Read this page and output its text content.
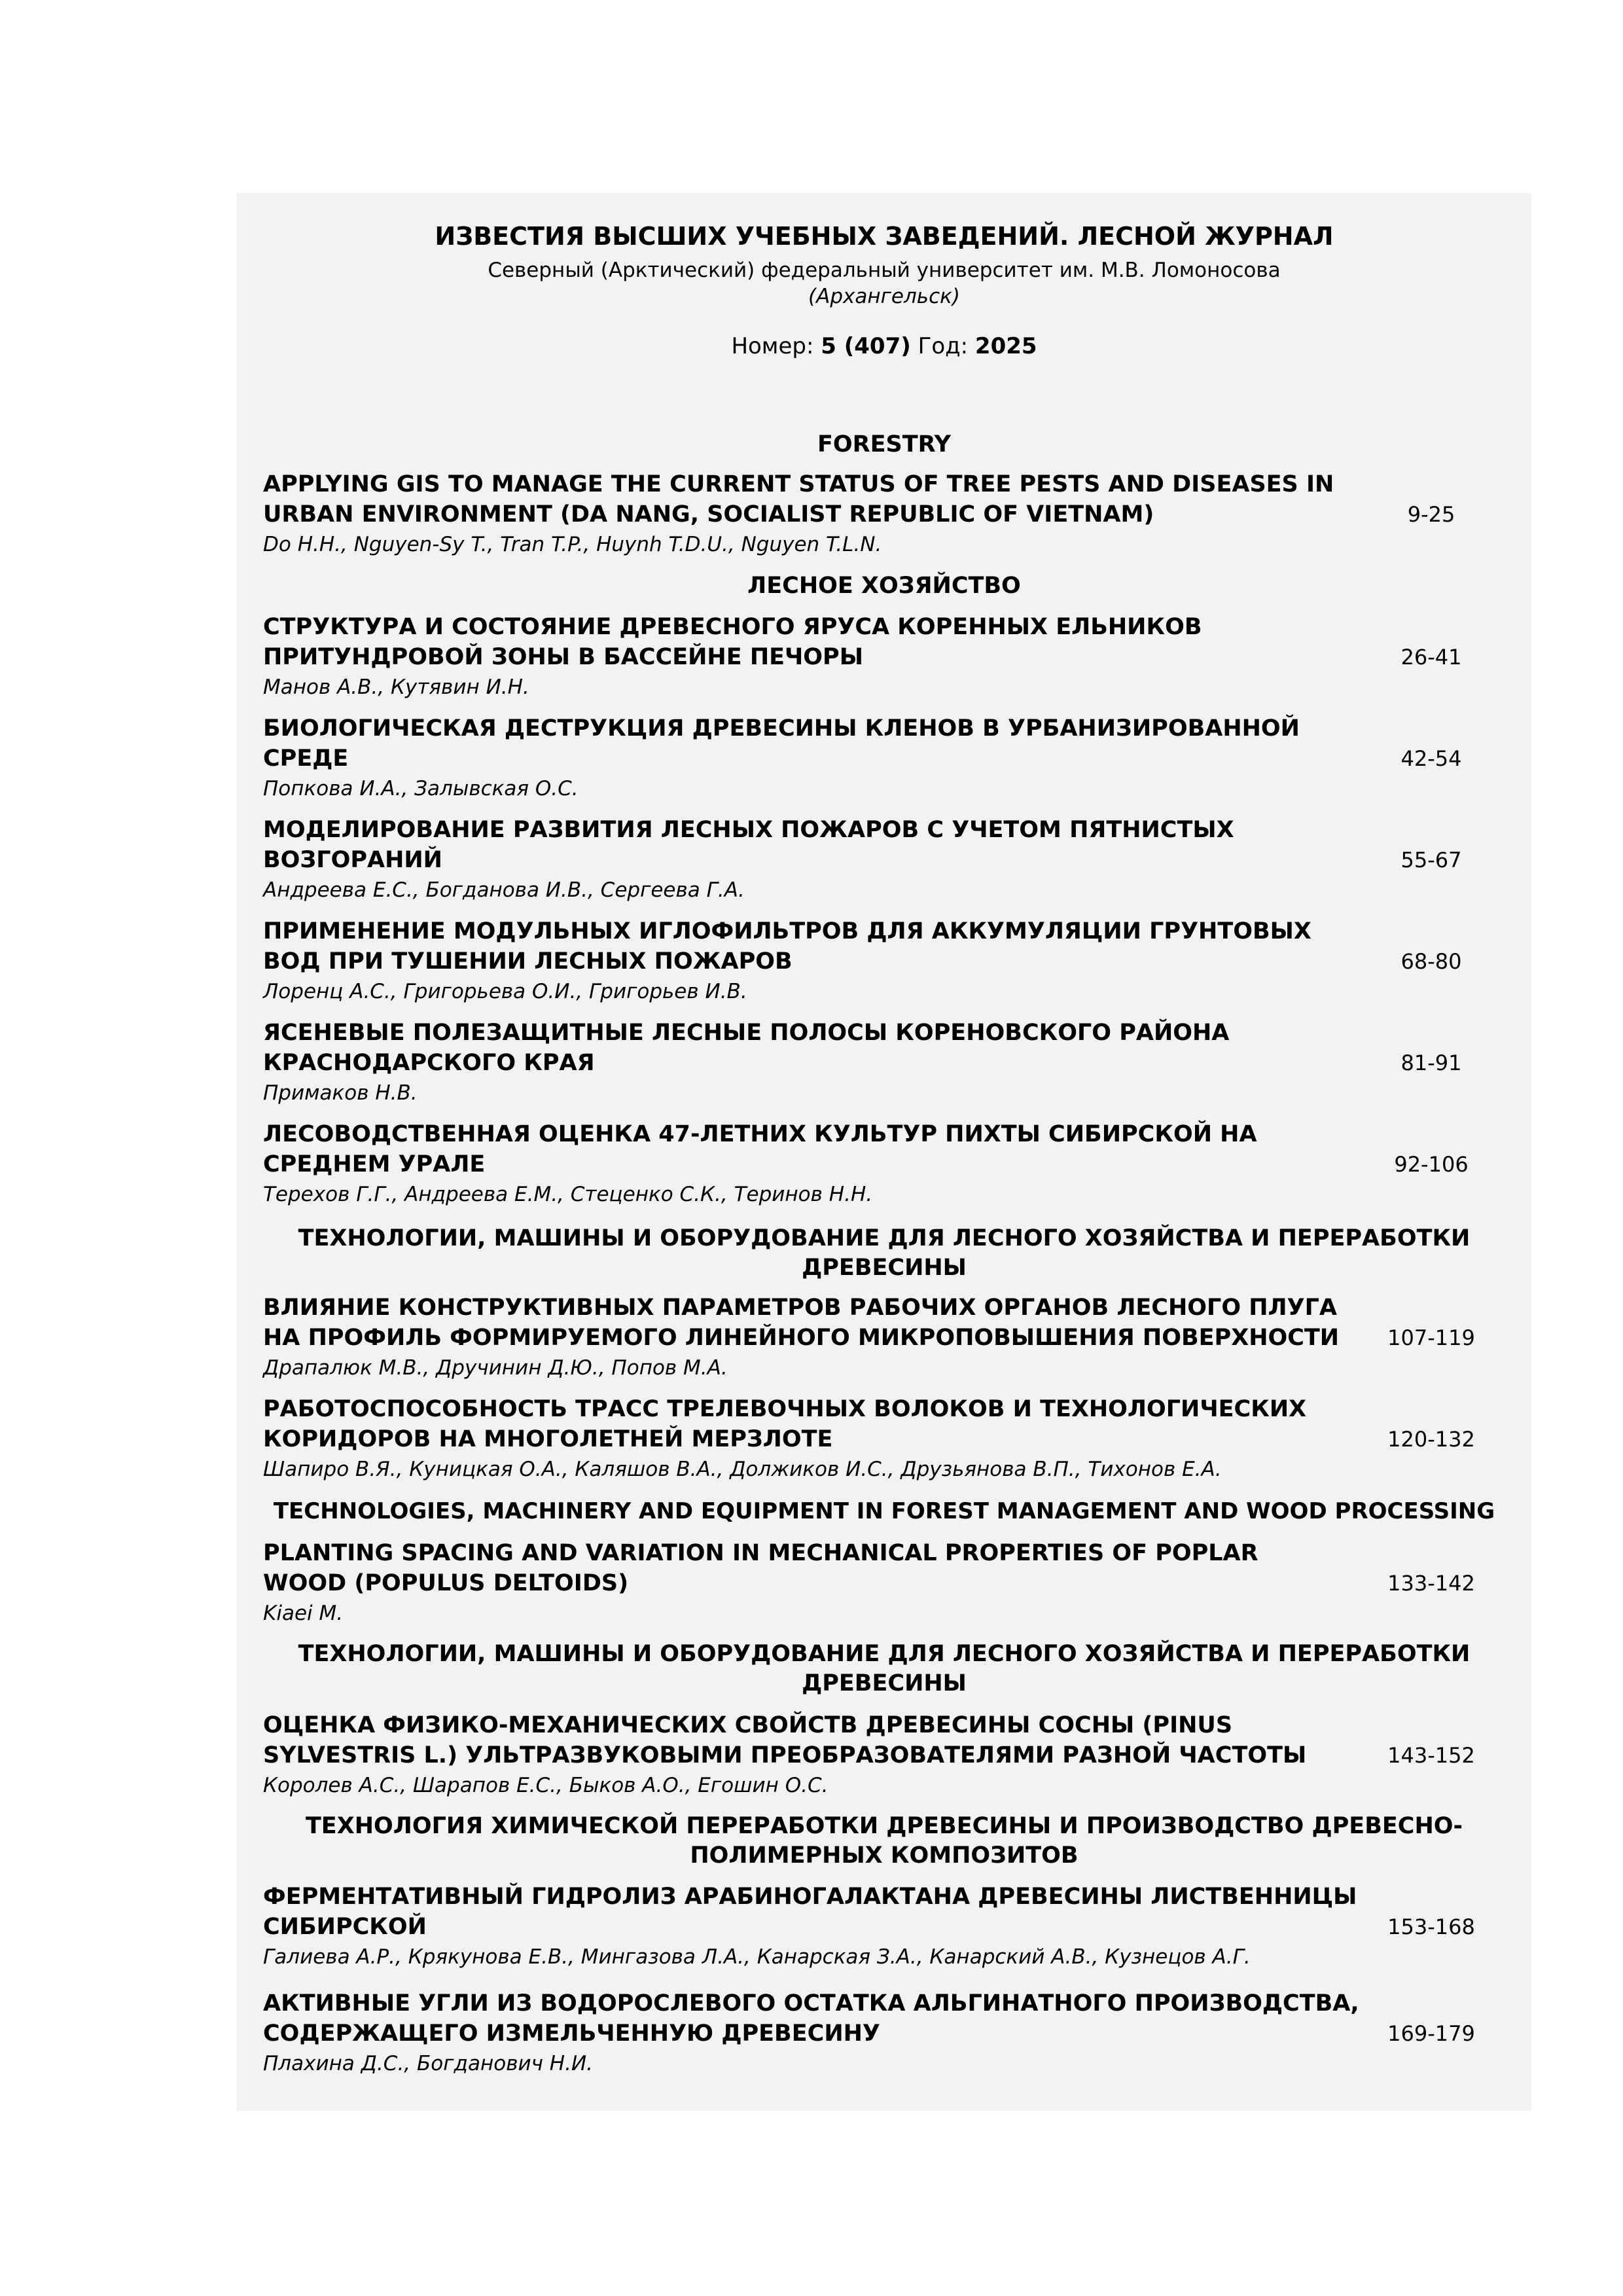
ИЗВЕСТИЯ ВЫСШИХ УЧЕБНЫХ ЗАВЕДЕНИЙ. ЛЕСНОЙ ЖУРНАЛ
Северный (Арктический) федеральный университет им. М.В. Ломоносова
(Архангельск)
Номер: 5 (407) Год: 2025
FORESTRY
APPLYING GIS TO MANAGE THE CURRENT STATUS OF TREE PESTS AND DISEASES IN
URBAN ENVIRONMENT (DA NANG, SOCIALIST REPUBLIC OF VIETNAM)	9-25
Do H.H., Nguyen-Sy T., Tran T.P., Huynh T.D.U., Nguyen T.L.N.
ЛЕСНОЕ ХОЗЯЙСТВО
СТРУКТУРА И СОСТОЯНИЕ ДРЕВЕСНОГО ЯРУСА КОРЕННЫХ ЕЛЬНИКОВ
ПРИТУНДРОВОЙ ЗОНЫ В БАССЕЙНЕ ПЕЧОРЫ	26-41
Манов А.В., Кутявин И.Н.
БИОЛОГИЧЕСКАЯ ДЕСТРУКЦИЯ ДРЕВЕСИНЫ КЛЕНОВ В УРБАНИЗИРОВАННОЙ
СРЕДЕ	42-54
Попкова И.А., Залывская О.С.
МОДЕЛИРОВАНИЕ РАЗВИТИЯ ЛЕСНЫХ ПОЖАРОВ С УЧЕТОМ ПЯТНИСТЫХ
ВОЗГОРАНИЙ	55-67
Андреева Е.С., Богданова И.В., Сергеева Г.А.
ПРИМЕНЕНИЕ МОДУЛЬНЫХ ИГЛОФИЛЬТРОВ ДЛЯ АККУМУЛЯЦИИ ГРУНТОВЫХ
ВОД ПРИ ТУШЕНИИ ЛЕСНЫХ ПОЖАРОВ	68-80
Лоренц А.С., Григорьева О.И., Григорьев И.В.
ЯСЕНЕВЫЕ ПОЛЕЗАЩИТНЫЕ ЛЕСНЫЕ ПОЛОСЫ КОРЕНОВСКОГО РАЙОНА
КРАСНОДАРСКОГО КРАЯ	81-91
Примаков Н.В.
ЛЕСОВОДСТВЕННАЯ ОЦЕНКА 47-ЛЕТНИХ КУЛЬТУР ПИХТЫ СИБИРСКОЙ НА
СРЕДНЕМ УРАЛЕ	92-106
Терехов Г.Г., Андреева Е.М., Стеценко С.К., Теринов Н.Н.
ТЕХНОЛОГИИ, МАШИНЫ И ОБОРУДОВАНИЕ ДЛЯ ЛЕСНОГО ХОЗЯЙСТВА И ПЕРЕРАБОТКИ
ДРЕВЕСИНЫ
ВЛИЯНИЕ КОНСТРУКТИВНЫХ ПАРАМЕТРОВ РАБОЧИХ ОРГАНОВ ЛЕСНОГО ПЛУГА
НА ПРОФИЛЬ ФОРМИРУЕМОГО ЛИНЕЙНОГО МИКРОПОВЫШЕНИЯ ПОВЕРХНОСТИ	107-119
Драпалюк М.В., Дручинин Д.Ю., Попов М.А.
РАБОТОСПОСОБНОСТЬ ТРАСС ТРЕЛЕВОЧНЫХ ВОЛОКОВ И ТЕХНОЛОГИЧЕСКИХ
КОРИДОРОВ НА МНОГОЛЕТНЕЙ МЕРЗЛОТЕ	120-132
Шапиро В.Я., Куницкая О.А., Каляшов В.А., Должиков И.С., Друзьянова В.П., Тихонов Е.А.
TECHNOLOGIES, MACHINERY AND EQUIPMENT IN FOREST MANAGEMENT AND WOOD PROCESSING
PLANTING SPACING AND VARIATION IN MECHANICAL PROPERTIES OF POPLAR
WOOD (POPULUS DELTOIDS)	133-142
Kiaei M.
ТЕХНОЛОГИИ, МАШИНЫ И ОБОРУДОВАНИЕ ДЛЯ ЛЕСНОГО ХОЗЯЙСТВА И ПЕРЕРАБОТКИ
ДРЕВЕСИНЫ
ОЦЕНКА ФИЗИКО-МЕХАНИЧЕСКИХ СВОЙСТВ ДРЕВЕСИНЫ СОСНЫ (PINUS
SYLVESTRIS L.) УЛЬТРАЗВУКОВЫМИ ПРЕОБРАЗОВАТЕЛЯМИ РАЗНОЙ ЧАСТОТЫ	143-152
Королев А.С., Шарапов Е.С., Быков А.О., Егошин О.С.
ТЕХНОЛОГИЯ ХИМИЧЕСКОЙ ПЕРЕРАБОТКИ ДРЕВЕСИНЫ И ПРОИЗВОДСТВО ДРЕВЕСНО-
ПОЛИМЕРНЫХ КОМПОЗИТОВ
ФЕРМЕНТАТИВНЫЙ ГИДРОЛИЗ АРАБИНОГАЛАКТАНА ДРЕВЕСИНЫ ЛИСТВЕННИЦЫ
СИБИРСКОЙ	153-168
Галиева А.Р., Крякунова Е.В., Мингазова Л.А., Канарская З.А., Канарский А.В., Кузнецов А.Г.
АКТИВНЫЕ УГЛИ ИЗ ВОДОРОСЛЕВОГО ОСТАТКА АЛЬГИНАТНОГО ПРОИЗВОДСТВА,
СОДЕРЖАЩЕГО ИЗМЕЛЬЧЕННУЮ ДРЕВЕСИНУ	169-179
Плахина Д.С., Богданович Н.И.
